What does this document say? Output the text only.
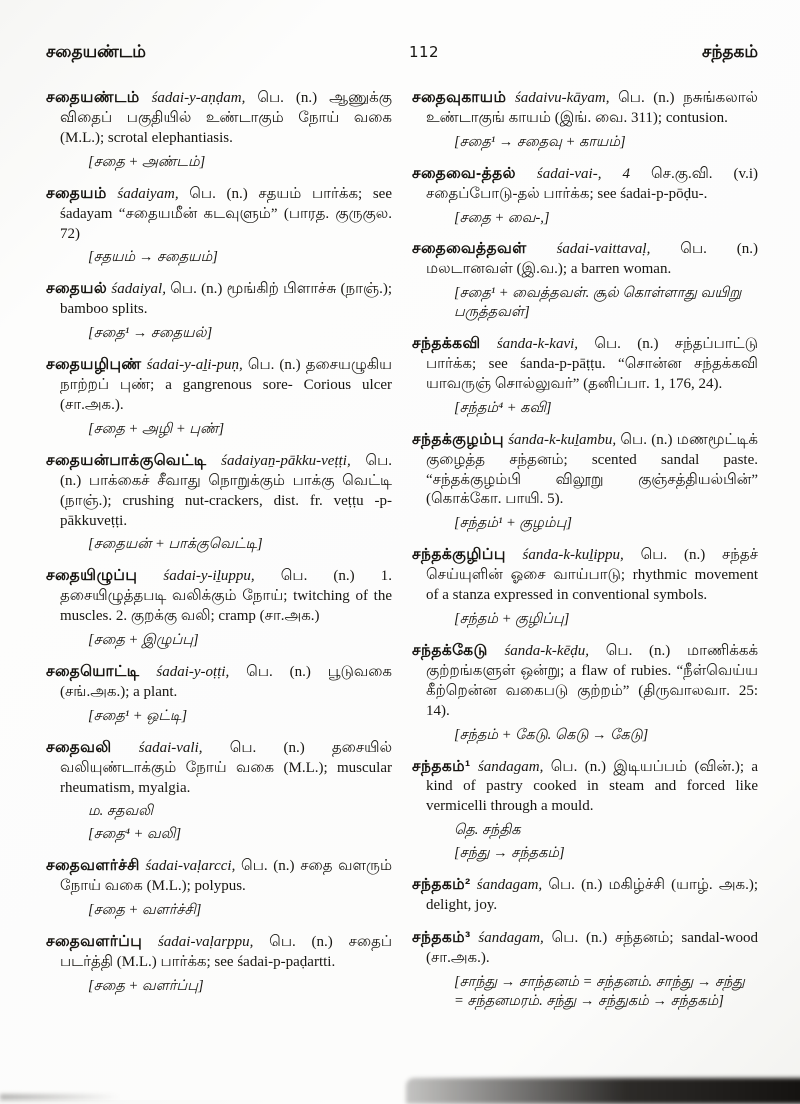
சதையண்டம்	112	சந்தகம்

சதையண்டம் śadai-y-aṇḍam, பெ. (n.) ஆணுக்கு விதைப் பகுதியில் உண்டாகும் நோய் வகை (M.L.); scrotal elephantiasis.

[சதை + அண்டம்]

சதையம் śadaiyam, பெ. (n.) சதயம் பார்க்க; see śadayam “சதையமீன் கடவுளும்” (பாரத. குருகுல. 72)

[சதயம் → சதையம்]

சதையல் śadaiyal, பெ. (n.) மூங்கிற் பிளாச்சு (நாஞ்.); bamboo splits.

[சதை¹ → சதையல்]

சதையழிபுண் śadai-y-aḻi-puṇ, பெ. (n.) தசையழுகிய நாற்றப் புண்; a gangrenous sore- Corious ulcer (சா.அக.).

[சதை + அழி + புண்]

சதையன்பாக்குவெட்டி śadaiyaṉ-pākku-veṭṭi, பெ. (n.) பாக்கைச் சீவாது நொறுக்கும் பாக்கு வெட்டி (நாஞ்.); crushing nut-crackers, dist. fr. veṭṭu -p- pākkuveṭṭi.

[சதையன் + பாக்குவெட்டி]

சதையிழுப்பு śadai-y-iḻuppu, பெ. (n.) 1. தசையிழுத்தபடி வலிக்கும் நோய்; twitching of the muscles. 2. குறக்கு வலி; cramp (சா.அக.)

[சதை + இழுப்பு]

சதையொட்டி śadai-y-oṭṭi, பெ. (n.) பூடுவகை (சங்.அக.); a plant.

[சதை¹ + ஒட்டி]

சதைவலி śadai-vali, பெ. (n.) தசையில் வலியுண்டாக்கும் நோய் வகை (M.L.); muscular rheumatism, myalgia.

ம. சதவலி

[சதை⁴ + வலி]

சதைவளர்ச்சி śadai-vaḷarcci, பெ. (n.) சதை வளரும் நோய் வகை (M.L.); polypus.

[சதை + வளர்ச்சி]

சதைவளர்ப்பு śadai-vaḷarppu, பெ. (n.) சதைப் படர்த்தி (M.L.) பார்க்க; see śadai-p-paḍartti.

[சதை + வளர்ப்பு]

சதைவுகாயம் śadaivu-kāyam, பெ. (n.) நசுங்கலால் உண்டாகுங் காயம் (இங். வை. 311); contusion.

[சதை¹ → சதைவு + காயம்]

சதைவை-த்தல் śadai-vai-, 4 செ.கு.வி. (v.i) சதைப்போடு-தல் பார்க்க; see śadai-p-pōḍu-.

[சதை + வை-,]

சதைவைத்தவள் śadai-vaittavaḷ, பெ. (n.) மலடானவள் (இ.வ.); a barren woman.

[சதை¹ + வைத்தவள். சூல் கொள்ளாது வயிறு பருத்தவள்]

சந்தக்கவி śanda-k-kavi, பெ. (n.) சந்தப்பாட்டு பார்க்க; see śanda-p-pāṭṭu. “சொன்ன சந்தக்கவி யாவருஞ் சொல்லுவர்” (தனிப்பா. 1, 176, 24).

[சந்தம்⁴ + கவி]

சந்தக்குழம்பு śanda-k-kuḻambu, பெ. (n.) மணமூட்டிக் குழைத்த சந்தனம்; scented sandal paste. “சந்தக்குழம்பி விலூறு குஞ்சத்தியல்பின்” (கொக்கோ. பாயி. 5).

[சந்தம்¹ + குழம்பு]

சந்தக்குழிப்பு śanda-k-kuḻippu, பெ. (n.) சந்தச் செய்யுளின் ஓசை வாய்பாடு; rhythmic movement of a stanza expressed in conventional symbols.

[சந்தம் + குழிப்பு]

சந்தக்கேடு śanda-k-kēḍu, பெ. (n.) மாணிக்கக் குற்றங்களுள் ஒன்று; a flaw of rubies. “நீள்வெய்ய கீற்றென்ன வகைபடு குற்றம்” (திருவாலவா. 25: 14).

[சந்தம் + கேடு. கெடு → கேடு]

சந்தகம்¹ śandagam, பெ. (n.) இடியப்பம் (வின்.); a kind of pastry cooked in steam and forced like vermicelli through a mould.

தெ. சந்திக

[சந்து → சந்தகம்]

சந்தகம்² śandagam, பெ. (n.) மகிழ்ச்சி (யாழ். அக.); delight, joy.

சந்தகம்³ śandagam, பெ. (n.) சந்தனம்; sandal-wood (சா.அக.).

[சாந்து → சாந்தனம் = சந்தனம். சாந்து → சந்து = சந்தனமரம். சந்து → சந்துகம் → சந்தகம்]
